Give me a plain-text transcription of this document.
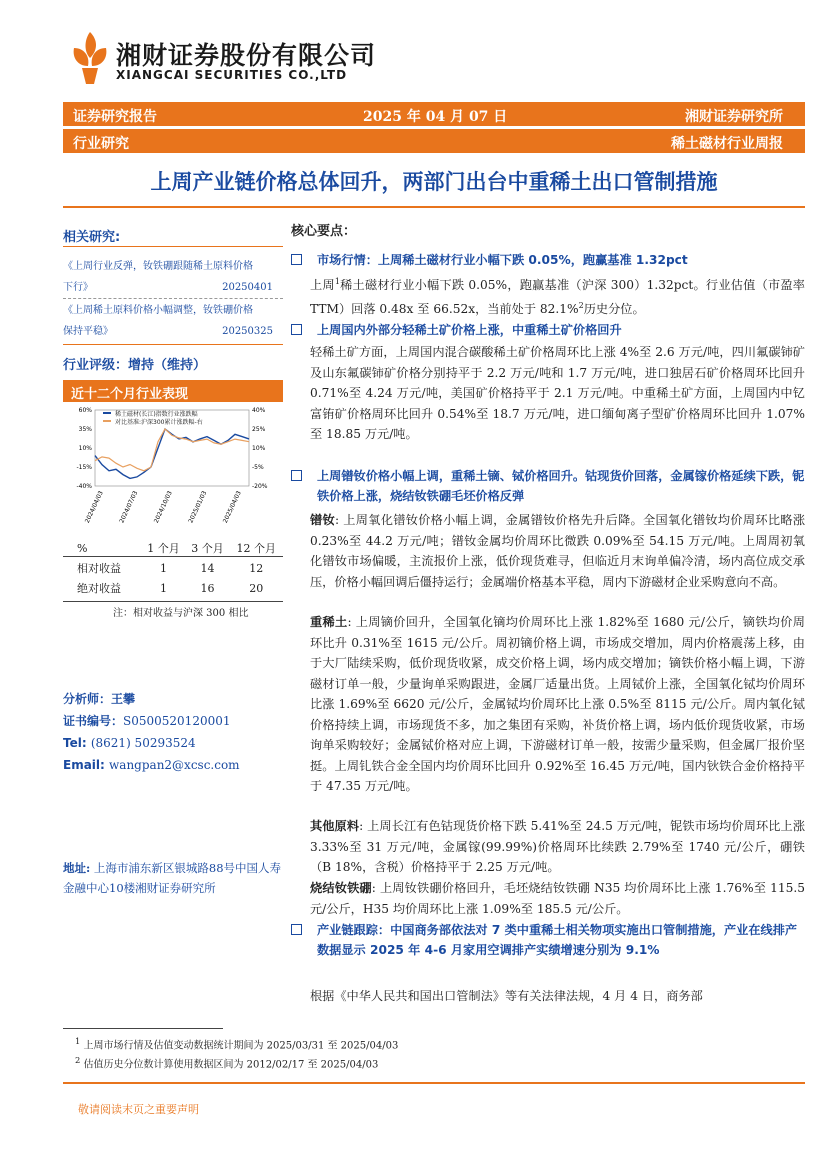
湘财证券股份有限公司
XIANGCAI SECURITIES CO.,LTD
证券研究报告	2025 年 04 月 07 日	湘财证券研究所
行业研究	稀土磁材行业周报
上周产业链价格总体回升，两部门出台中重稀土出口管制措施
相关研究:
《上周行业反弹，钕铁硼跟随稀土原料价格
下行》	20250401
《上周稀土原料价格小幅调整，钕铁硼价格
保持平稳》	20250325
行业评级：增持（维持）
近十二个月行业表现
60%
35%
10%
-15%
-40%
40%
25%
10%
-5%
-20%
2024/04/03 2024/07/03 2024/10/03 2025/01/03 2025/04/03
稀土磁材(长江)指数行业涨跌幅
对比基准:沪深300累计涨跌幅-右
%	1 个月	3 个月	12 个月
相对收益	1	14	12
绝对收益	1	16	20
注：相对收益与沪深 300 相比
分析师：王攀
证书编号：S0500520120001
Tel: (8621) 50293524
Email: wangpan2@xcsc.com
地址: 上海市浦东新区银城路88号中国人寿金融中心10楼湘财证券研究所
核心要点：
市场行情：上周稀土磁材行业小幅下跌 0.05%，跑赢基准 1.32pct
上周$^1$稀土磁材行业小幅下跌 0.05%，跑赢基准（沪深 300）1.32pct。行业估值（市盈率 TTM）回落 0.48x 至 66.52x，当前处于 82.1%$^2$历史分位。
上周国内外部分轻稀土矿价格上涨，中重稀土矿价格回升
轻稀土矿方面，上周国内混合碳酸稀土矿价格周环比上涨 4%至 2.6 万元/吨，四川氟碳铈矿及山东氟碳铈矿价格分别持平于 2.2 万元/吨和 1.7 万元/吨，进口独居石矿价格周环比回升 0.71%至 4.24 万元/吨，美国矿价格持平于 2.1 万元/吨。中重稀土矿方面，上周国内中钇富铕矿价格周环比回升 0.54%至 18.7 万元/吨，进口缅甸离子型矿价格周环比回升 1.07%至 18.85 万元/吨。
上周镨钕价格小幅上调，重稀土镝、铽价格回升。钴现货价回落，金属镓价格延续下跌，铌铁价格上涨，烧结钕铁硼毛坯价格反弹
镨钕: 上周氧化镨钕价格小幅上调，金属镨钕价格先升后降。全国氧化镨钕均价周环比略涨 0.23%至 44.2 万元/吨；镨钕金属均价周环比微跌 0.09%至 54.15 万元/吨。上周周初氧化镨钕市场偏暖，主流报价上涨，低价现货难寻，但临近月末询单偏冷清，场内高位成交承压，价格小幅回调后僵持运行；金属端价格基本平稳，周内下游磁材企业采购意向不高。
重稀土: 上周镝价回升，全国氧化镝均价周环比上涨 1.82%至 1680 元/公斤，镝铁均价周环比升 0.31%至 1615 元/公斤。周初镝价格上调，市场成交增加，周内价格震荡上移，由于大厂陆续采购，低价现货收紧，成交价格上调，场内成交增加；镝铁价格小幅上调，下游磁材订单一般，少量询单采购跟进，金属厂适量出货。上周铽价上涨，全国氧化铽均价周环比涨 1.69%至 6620 元/公斤，金属铽均价周环比上涨 0.5%至 8115 元/公斤。周内氧化铽价格持续上调，市场现货不多，加之集团有采购，补货价格上调，场内低价现货收紧，市场询单采购较好；金属铽价格对应上调，下游磁材订单一般，按需少量采购，但金属厂报价坚挺。上周钆铁合金全国内均价周环比回升 0.92%至 16.45 万元/吨，国内钬铁合金价格持平于 47.35 万元/吨。
其他原料: 上周长江有色钴现货价格下跌 5.41%至 24.5 万元/吨，铌铁市场均价周环比上涨 3.33%至 31 万元/吨，金属镓(99.99%)价格周环比续跌 2.79%至 1740 元/公斤，硼铁（B 18%，含税）价格持平于 2.25 万元/吨。
烧结钕铁硼: 上周钕铁硼价格回升，毛坯烧结钕铁硼 N35 均价周环比上涨 1.76%至 115.5 元/公斤，H35 均价周环比上涨 1.09%至 185.5 元/公斤。
产业链跟踪：中国商务部依法对 7 类中重稀土相关物项实施出口管制措施，产业在线排产数据显示 2025 年 4-6 月家用空调排产实绩增速分别为 9.1%
根据《中华人民共和国出口管制法》等有关法律法规，4 月 4 日，商务部
$^1$ 上周市场行情及估值变动数据统计期间为 2025/03/31 至 2025/04/03
$^2$ 估值历史分位数计算使用数据区间为 2012/02/17 至 2025/04/03
敬请阅读末页之重要声明
